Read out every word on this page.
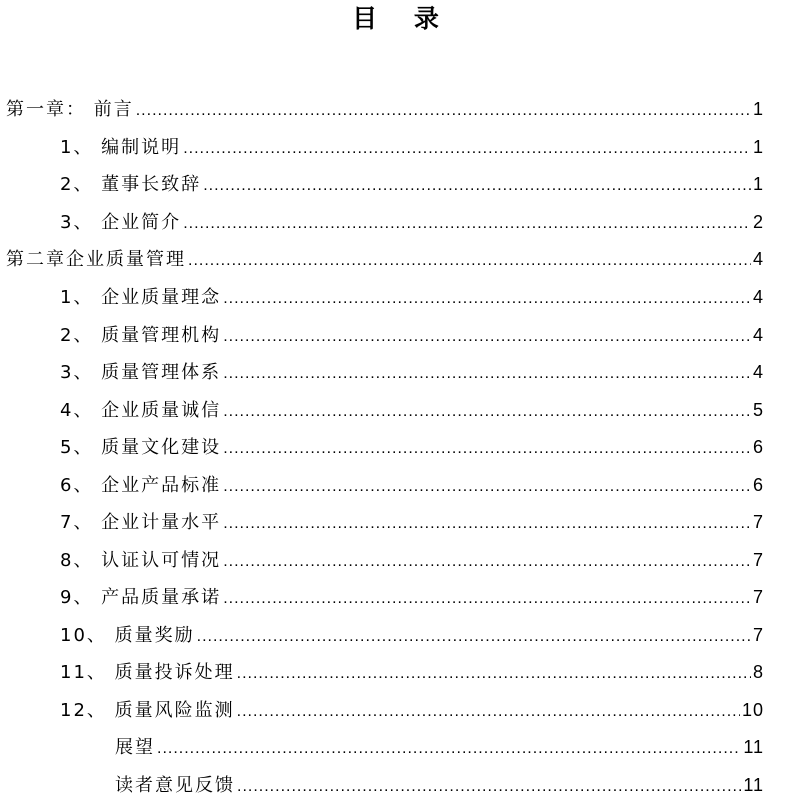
目 录
第一章： 前言 .....	1
1、 编制说明 .....	1
2、 董事长致辞 .....	1
3、 企业简介 .....	2
第二章企业质量管理 .....	4
1、 企业质量理念 .....	4
2、 质量管理机构 .....	4
3、 质量管理体系 .....	4
4、 企业质量诚信 .....	5
5、 质量文化建设 .....	6
6、 企业产品标准 .....	6
7、 企业计量水平 .....	7
8、 认证认可情况 .....	7
9、 产品质量承诺 .....	7
10、 质量奖励 .....	7
11、 质量投诉处理 .....	8
12、 质量风险监测 .....	10
展望 .....	11
读者意见反馈 .....	11
